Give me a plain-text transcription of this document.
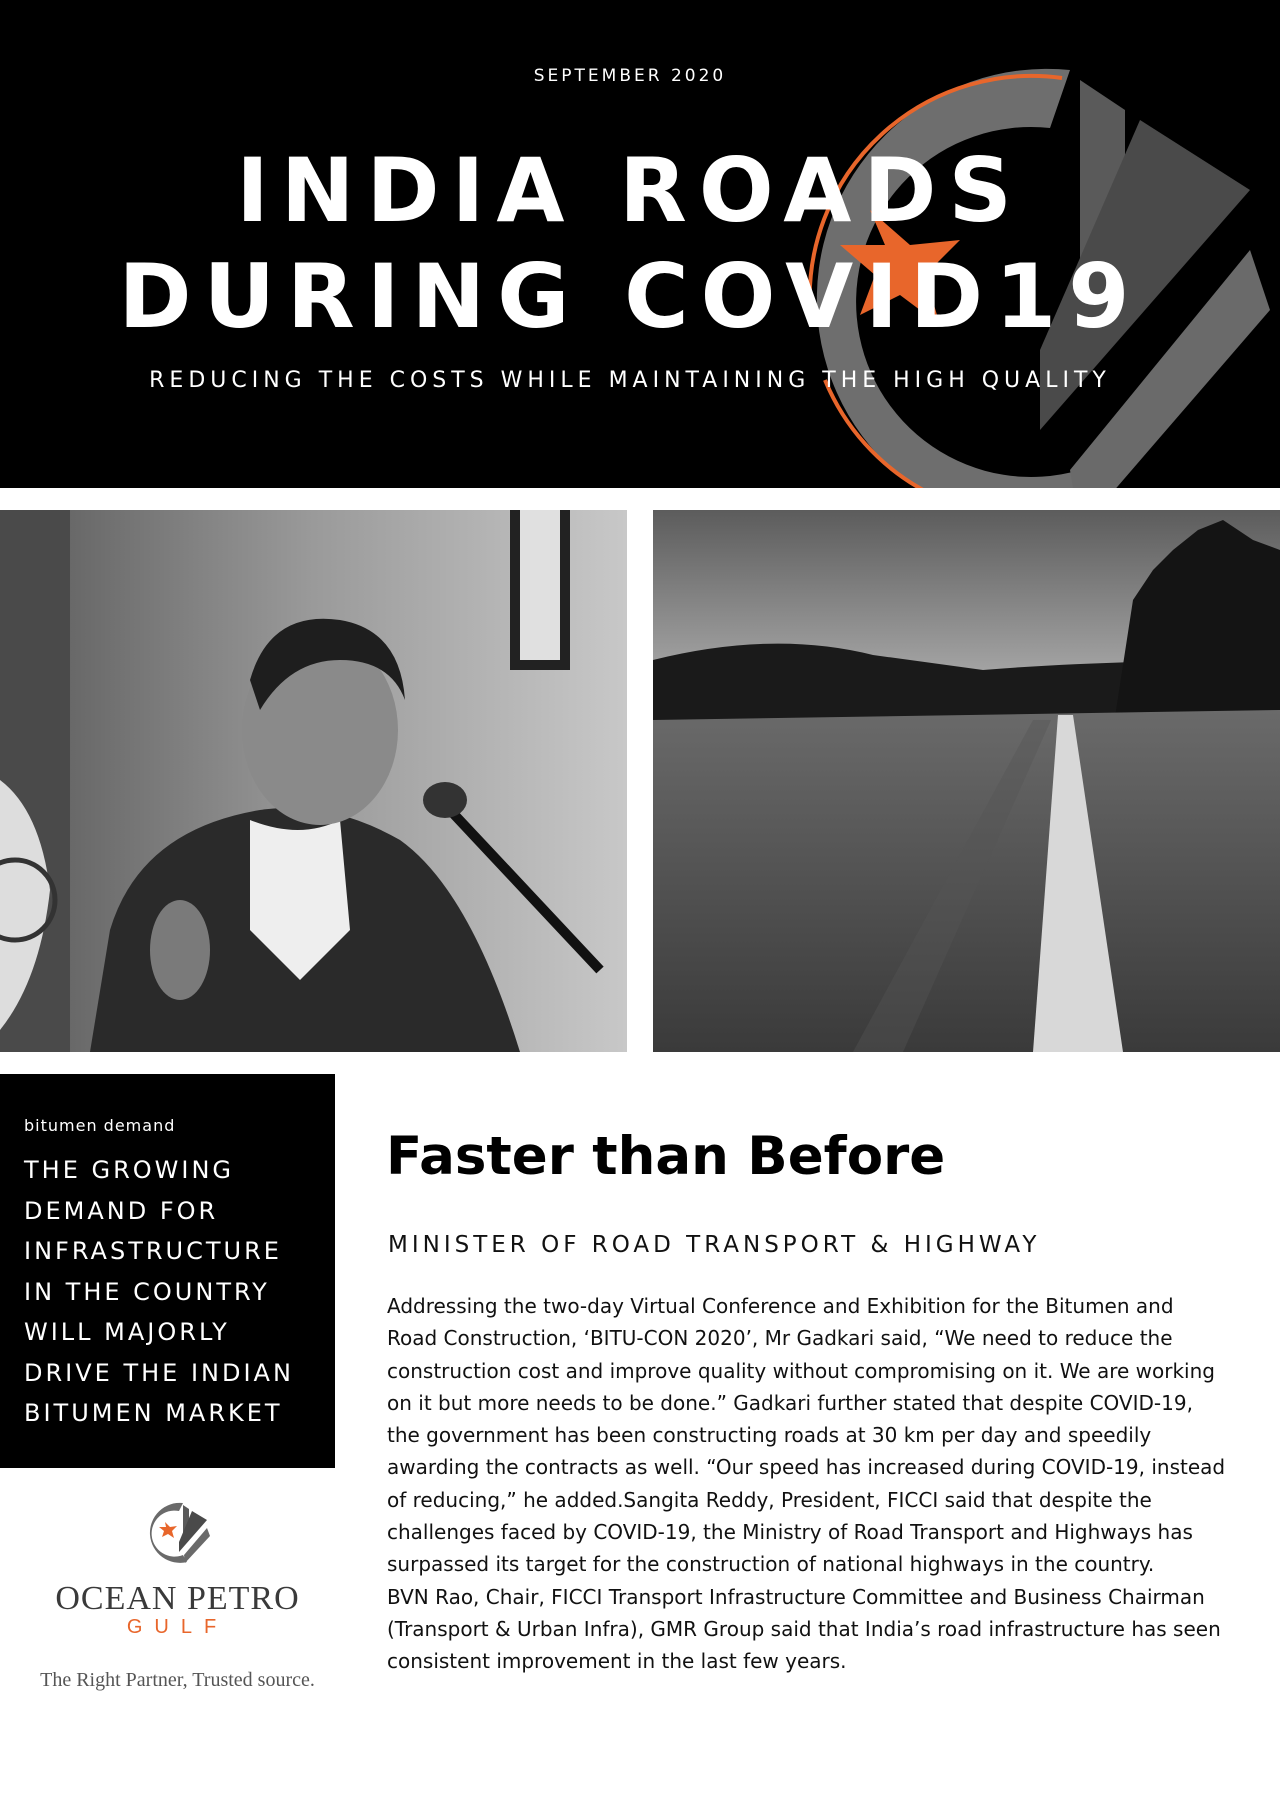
SEPTEMBER 2020
INDIA ROADS
DURING COVID19
REDUCING THE COSTS WHILE MAINTAINING THE HIGH QUALITY
bitumen demand
THE GROWING
DEMAND FOR
INFRASTRUCTURE
IN THE COUNTRY
WILL MAJORLY
DRIVE THE INDIAN
BITUMEN MARKET
OCEAN PETRO
GULF
The Right Partner, Trusted source.
Faster than Before
MINISTER OF ROAD TRANSPORT & HIGHWAY

Addressing the two-day Virtual Conference and Exhibition for the Bitumen and Road Construction, ‘BITU-CON 2020’, Mr Gadkari said, “We need to reduce the construction cost and improve quality without compromising on it. We are working on it but more needs to be done.” Gadkari further stated that despite COVID-19, the government has been constructing roads at 30 km per day and speedily awarding the contracts as well. “Our speed has increased during COVID-19, instead of reducing,” he added.Sangita Reddy, President, FICCI said that despite the challenges faced by COVID-19, the Ministry of Road Transport and Highways has surpassed its target for the construction of national highways in the country.

BVN Rao, Chair, FICCI Transport Infrastructure Committee and Business Chairman (Transport & Urban Infra), GMR Group said that India’s road infrastructure has seen consistent improvement in the last few years.
